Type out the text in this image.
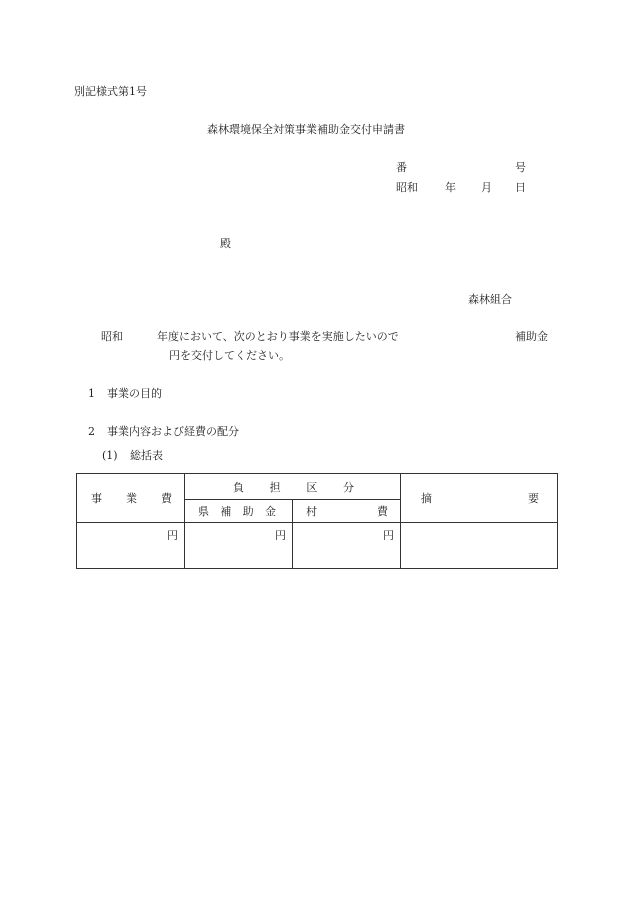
別記様式第1号
森林環境保全対策事業補助金交付申請書
番	号
昭和 年 月 日
殿
森林組合
昭和	年度において、次のとおり事業を実施したいので	補助金
円を交付してください。
1 事業の目的
2 事業内容および経費の配分
(1) 総括表
事 業 費	負 担 区 分		摘 要

	県 補 助 金	村 費	

円	円	円	
